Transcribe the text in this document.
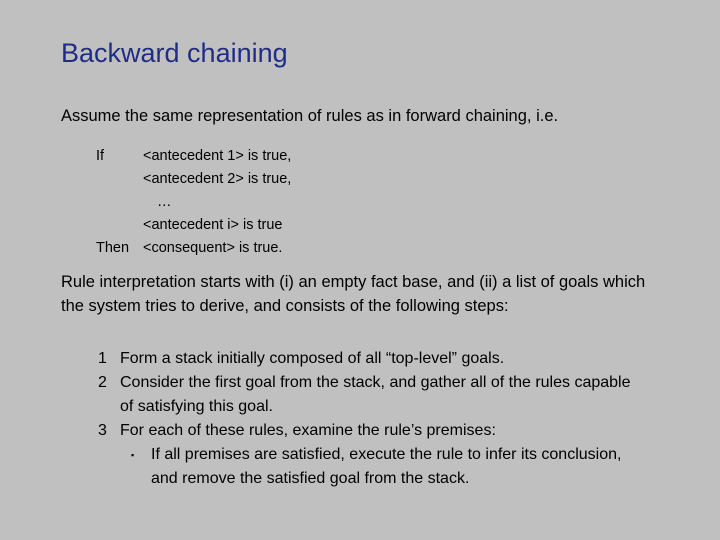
Backward chaining
Assume the same representation of rules as in forward chaining, i.e.
If	<antecedent 1> is true,
<antecedent 2> is true,
…
<antecedent i> is true
Then <consequent> is true.
Rule interpretation starts with (i) an empty fact base, and (ii) a list of goals which
the system tries to derive, and consists of the following steps:
1 Form a stack initially composed of all “top-level” goals.
2 Consider the first goal from the stack, and gather all of the rules capable
of satisfying this goal.
3 For each of these rules, examine the rule’s premises:
▪	If all premises are satisfied, execute the rule to infer its conclusion,
and remove the satisfied goal from the stack.
